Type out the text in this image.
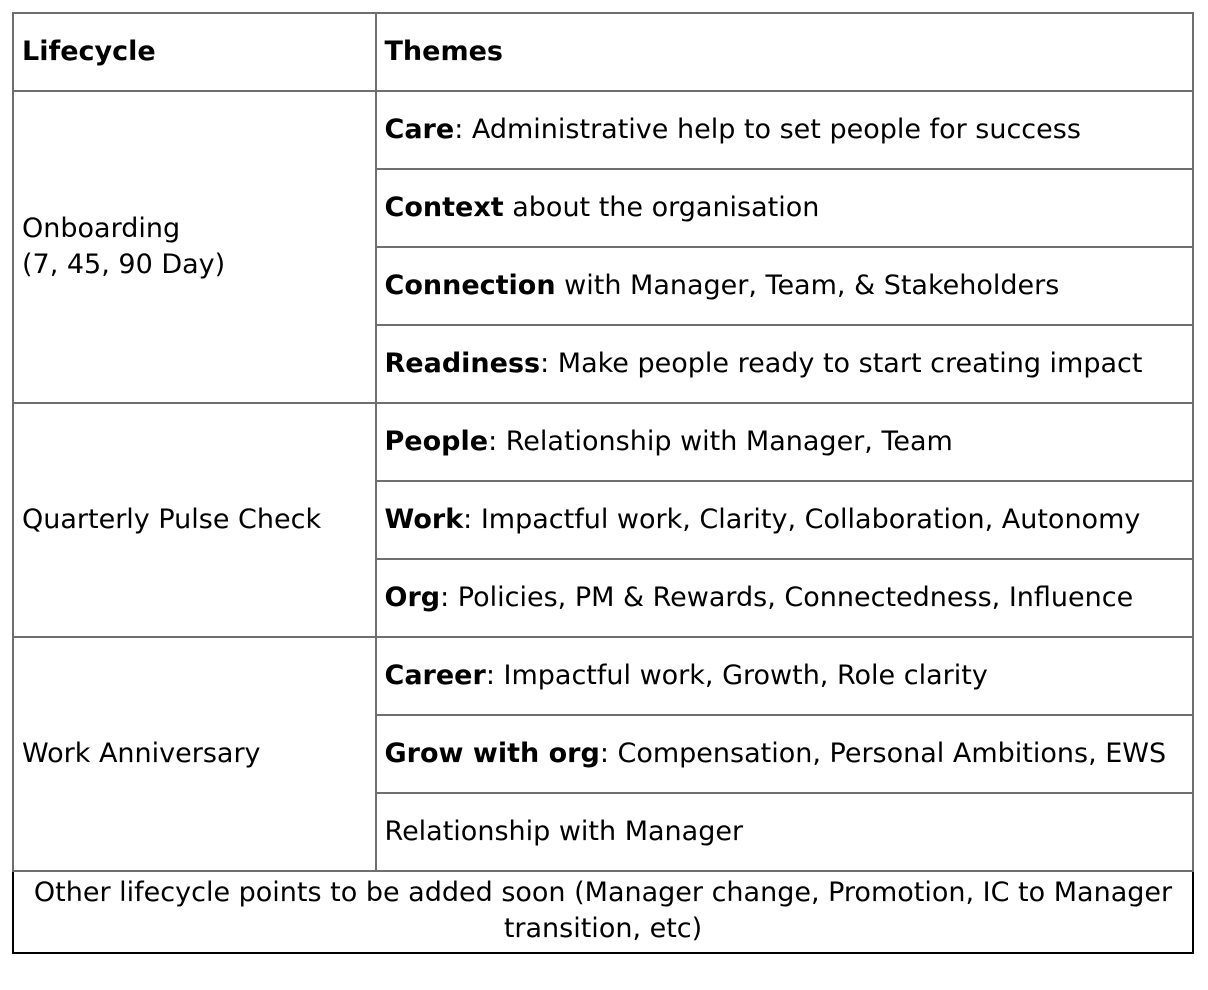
Lifecycle	Themes

Onboarding
(7, 45, 90 Day)	Care: Administrative help to set people for success
	Context about the organisation
	Connection with Manager, Team, & Stakeholders
	Readiness: Make people ready to start creating impact

Quarterly Pulse Check	People: Relationship with Manager, Team
	Work: Impactful work, Clarity, Collaboration, Autonomy
	Org: Policies, PM & Rewards, Connectedness, Influence

Work Anniversary	Career: Impactful work, Growth, Role clarity
	Grow with org: Compensation, Personal Ambitions, EWS
	Relationship with Manager
Other lifecycle points to be added soon (Manager change, Promotion, IC to Manager transition, etc)	
